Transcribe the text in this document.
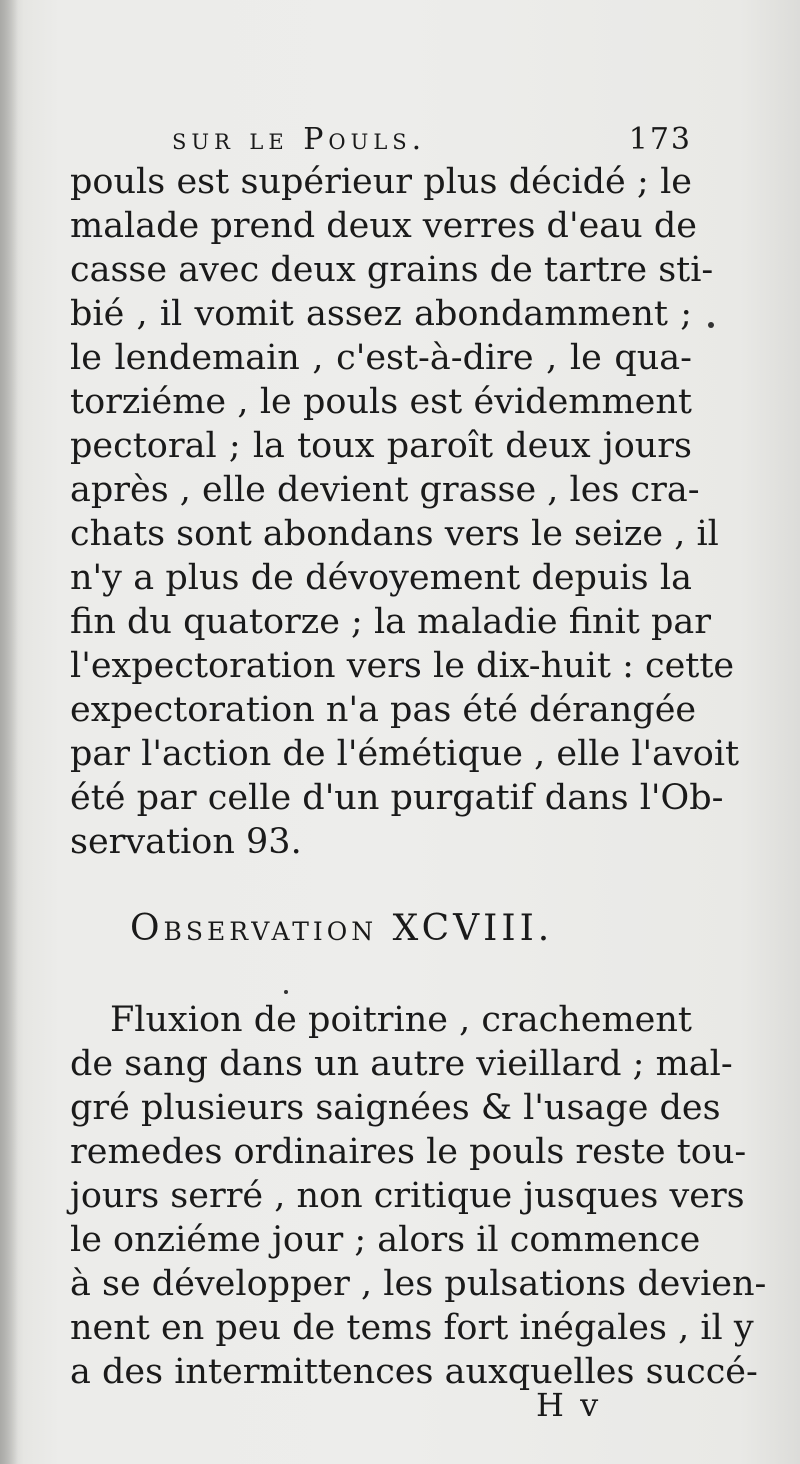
sur le Pouls.	173
pouls est supérieur plus décidé ; le
malade prend deux verres d'eau de
casse avec deux grains de tartre sti-
bié , il vomit assez abondamment ;
le lendemain , c'est-à-dire , le qua-
torziéme , le pouls est évidemment
pectoral ; la toux paroît deux jours
après , elle devient grasse , les cra-
chats sont abondans vers le seize , il
n'y a plus de dévoyement depuis la
fin du quatorze ; la maladie finit par
l'expectoration vers le dix-huit : cette
expectoration n'a pas été dérangée
par l'action de l'émétique , elle l'avoit
été par celle d'un purgatif dans l'Ob-
servation 93.
Observation XCVIII.
Fluxion de poitrine , crachement
de sang dans un autre vieillard ; mal-
gré plusieurs saignées & l'usage des
remedes ordinaires le pouls reste tou-
jours serré , non critique jusques vers
le onziéme jour ; alors il commence
à se développer , les pulsations devien-
nent en peu de tems fort inégales , il y
a des intermittences auxquelles succé-
H v
